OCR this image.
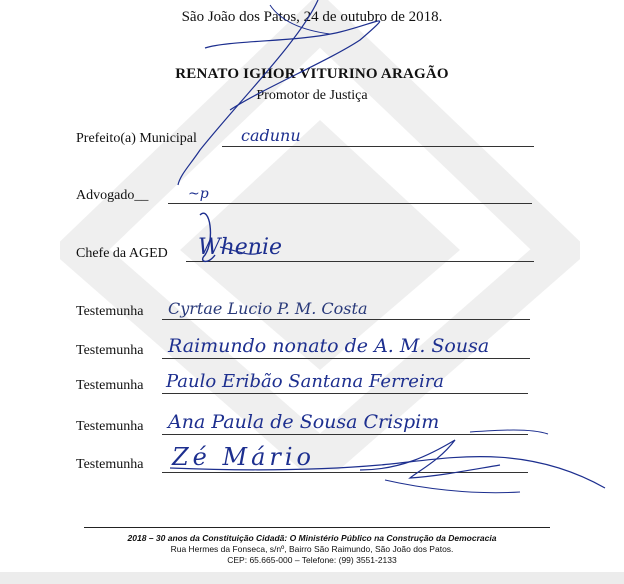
São João dos Patos, 24 de outubro de 2018.
RENATO IGHOR VITURINO ARAGÃO
Promotor de Justiça
Prefeito(a) Municipal	cadunu
Advogado__	~p
Chefe da AGED Whenie
Testemunha Cyrtae Lucio P. M. Costa
Testemunha Raimundo nonato de A. M. Sousa
Testemunha Paulo Eribão Santana Ferreira
Testemunha Ana Paula de Sousa Crispim
Testemunha Zé Mário
2018 – 30 anos da Constituição Cidadã: O Ministério Público na Construção da Democracia
Rua Hermes da Fonseca, s/nº, Bairro São Raimundo, São João dos Patos.
CEP: 65.665-000 – Telefone: (99) 3551-2133
